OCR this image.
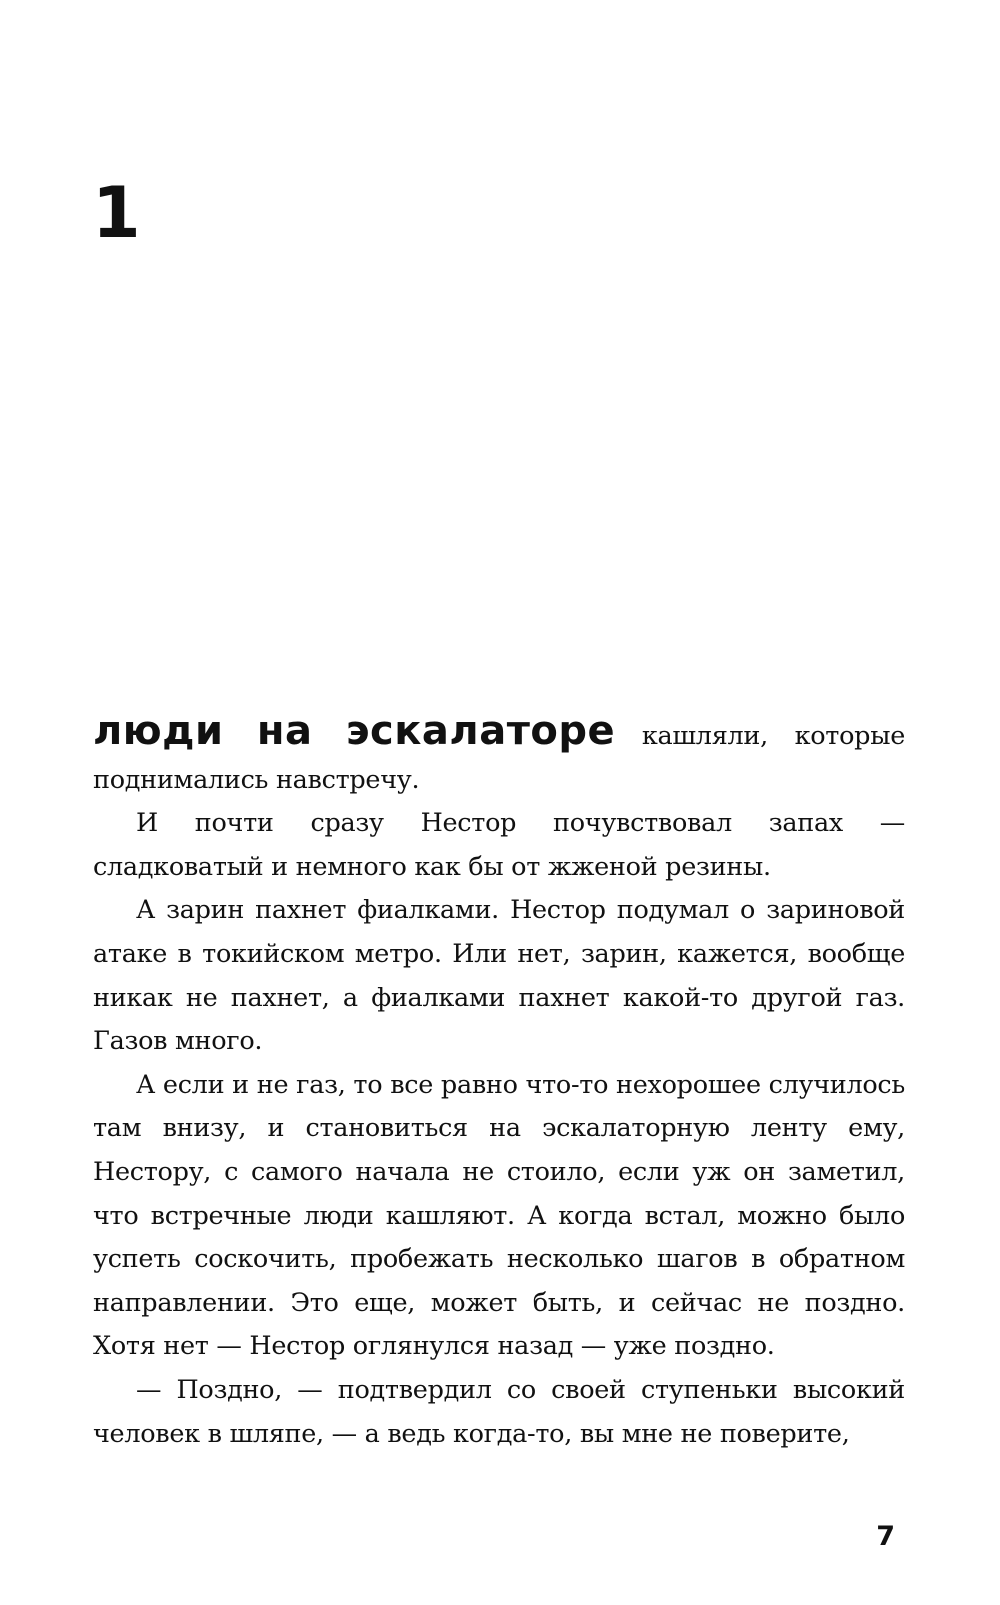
1

люди на эскалаторе кашляли, которые поднимались навстречу.

И почти сразу Нестор почувствовал запах — сладковатый и немного как бы от жженой резины.

А зарин пахнет фиалками. Нестор подумал о зариновой атаке в токийском метро. Или нет, зарин, кажется, вообще никак не пахнет, а фиалками пахнет какой-то другой газ. Газов много.

А если и не газ, то все равно что-то нехорошее случилось там внизу, и становиться на эскалаторную ленту ему, Нестору, с самого начала не стоило, если уж он заметил, что встречные люди кашляют. А когда встал, можно было успеть соскочить, пробежать несколько шагов в обратном направлении. Это еще, может быть, и сейчас не поздно. Хотя нет — Нестор оглянулся назад — уже поздно.

— Поздно, — подтвердил со своей ступеньки высокий человек в шляпе, — а ведь когда-то, вы мне не поверите,

7
